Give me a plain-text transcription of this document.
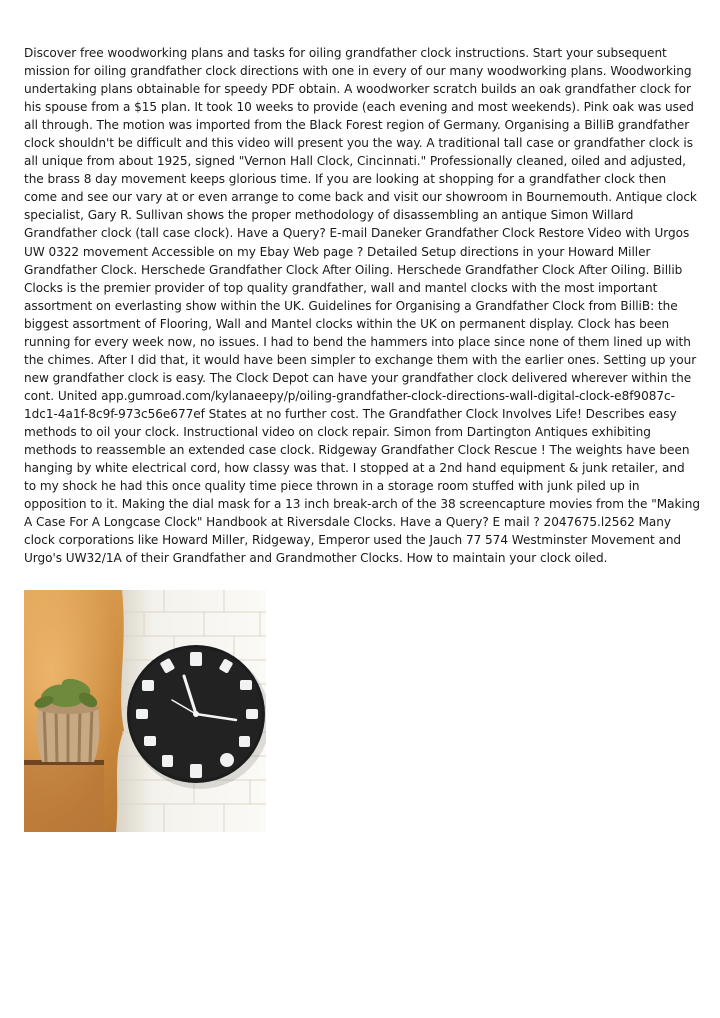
Discover free woodworking plans and tasks for oiling grandfather clock instructions. Start your subsequent mission for oiling grandfather clock directions with one in every of our many woodworking plans. Woodworking undertaking plans obtainable for speedy PDF obtain. A woodworker scratch builds an oak grandfather clock for his spouse from a $15 plan. It took 10 weeks to provide (each evening and most weekends). Pink oak was used all through. The motion was imported from the Black Forest region of Germany. Organising a BilliB grandfather clock shouldn't be difficult and this video will present you the way. A traditional tall case or grandfather clock is all unique from about 1925, signed "Vernon Hall Clock, Cincinnati." Professionally cleaned, oiled and adjusted, the brass 8 day movement keeps glorious time. If you are looking at shopping for a grandfather clock then come and see our vary at or even arrange to come back and visit our showroom in Bournemouth. Antique clock specialist, Gary R. Sullivan shows the proper methodology of disassembling an antique Simon Willard Grandfather clock (tall case clock). Have a Query? E-mail Daneker Grandfather Clock Restore Video with Urgos UW 0322 movement Accessible on my Ebay Web page ? Detailed Setup directions in your Howard Miller Grandfather Clock. Herschede Grandfather Clock After Oiling. Herschede Grandfather Clock After Oiling. Billib Clocks is the premier provider of top quality grandfather, wall and mantel clocks with the most important assortment on everlasting show within the UK. Guidelines for Organising a Grandfather Clock from BilliB: the biggest assortment of Flooring, Wall and Mantel clocks within the UK on permanent display. Clock has been running for every week now, no issues. I had to bend the hammers into place since none of them lined up with the chimes. After I did that, it would have been simpler to exchange them with the earlier ones. Setting up your new grandfather clock is easy. The Clock Depot can have your grandfather clock delivered wherever within the cont. United app.gumroad.com/kylanaeepy/p/oiling-grandfather-clock-directions-wall-digital-clock-e8f9087c-1dc1-4a1f-8c9f-973c56e677ef States at no further cost. The Grandfather Clock Involves Life! Describes easy methods to oil your clock. Instructional video on clock repair. Simon from Dartington Antiques exhibiting methods to reassemble an extended case clock. Ridgeway Grandfather Clock Rescue ! The weights have been hanging by white electrical cord, how classy was that. I stopped at a 2nd hand equipment & junk retailer, and to my shock he had this once quality time piece thrown in a storage room stuffed with junk piled up in opposition to it. Making the dial mask for a 13 inch break-arch of the 38 screencapture movies from the "Making A Case For A Longcase Clock" Handbook at Riversdale Clocks. Have a Query? E mail ? 2047675.l2562 Many clock corporations like Howard Miller, Ridgeway, Emperor used the Jauch 77 574 Westminster Movement and Urgo's UW32/1A of their Grandfather and Grandmother Clocks. How to maintain your clock oiled.
